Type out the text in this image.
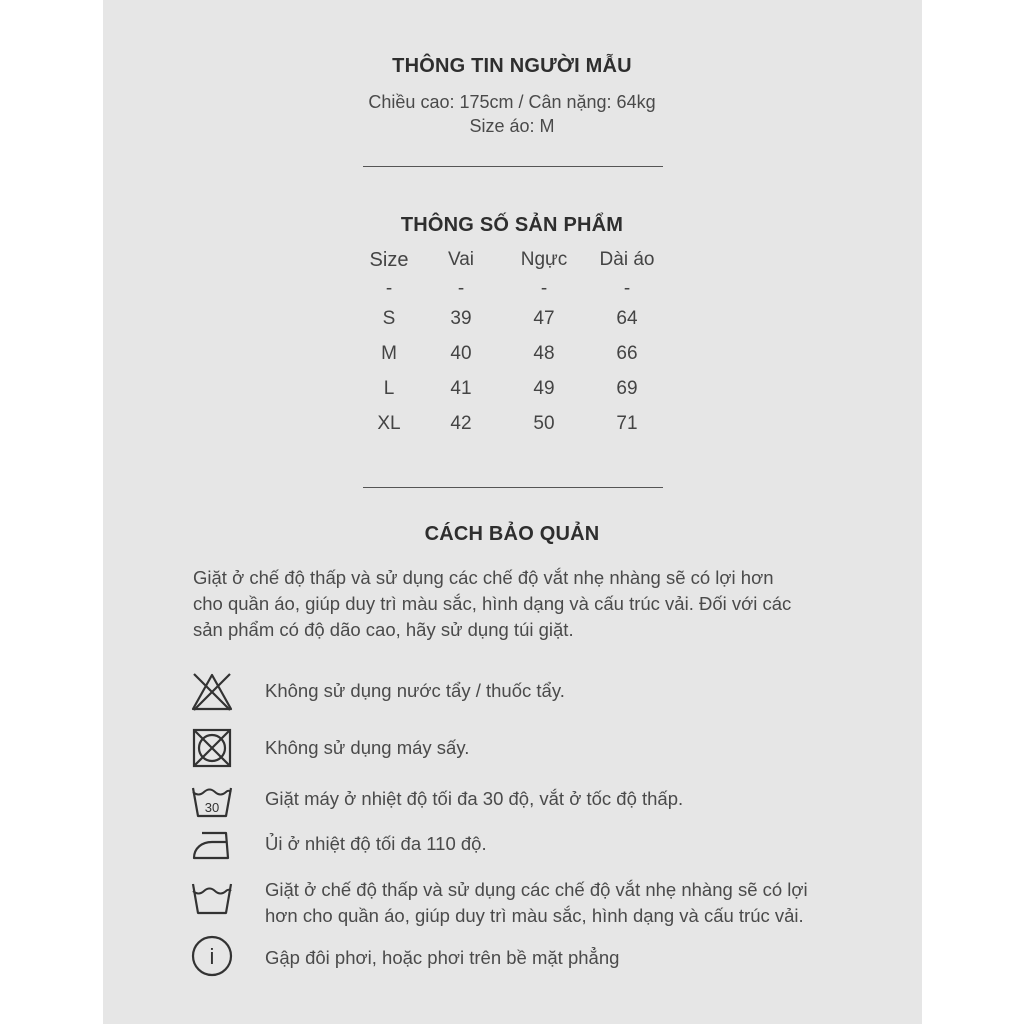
THÔNG TIN NGƯỜI MẪU
Chiều cao: 175cm / Cân nặng: 64kg
Size áo: M
THÔNG SỐ SẢN PHẨM
Size	Vai	Ngực	Dài áo
-	-	-	-
S	39	47	64
M	40	48	66
L	41	49	69
XL	42	50	71
CÁCH BẢO QUẢN
Giặt ở chế độ thấp và sử dụng các chế độ vắt nhẹ nhàng sẽ có lợi hơn
cho quần áo, giúp duy trì màu sắc, hình dạng và cấu trúc vải. Đối với các
sản phẩm có độ dão cao, hãy sử dụng túi giặt.
Không sử dụng nước tẩy / thuốc tẩy.
Không sử dụng máy sấy.
30 Giặt máy ở nhiệt độ tối đa 30 độ, vắt ở tốc độ thấp.
Ủi ở nhiệt độ tối đa 110 độ.
Giặt ở chế độ thấp và sử dụng các chế độ vắt nhẹ nhàng sẽ có lợi
hơn cho quần áo, giúp duy trì màu sắc, hình dạng và cấu trúc vải.
i	Gập đôi phơi, hoặc phơi trên bề mặt phẳng
